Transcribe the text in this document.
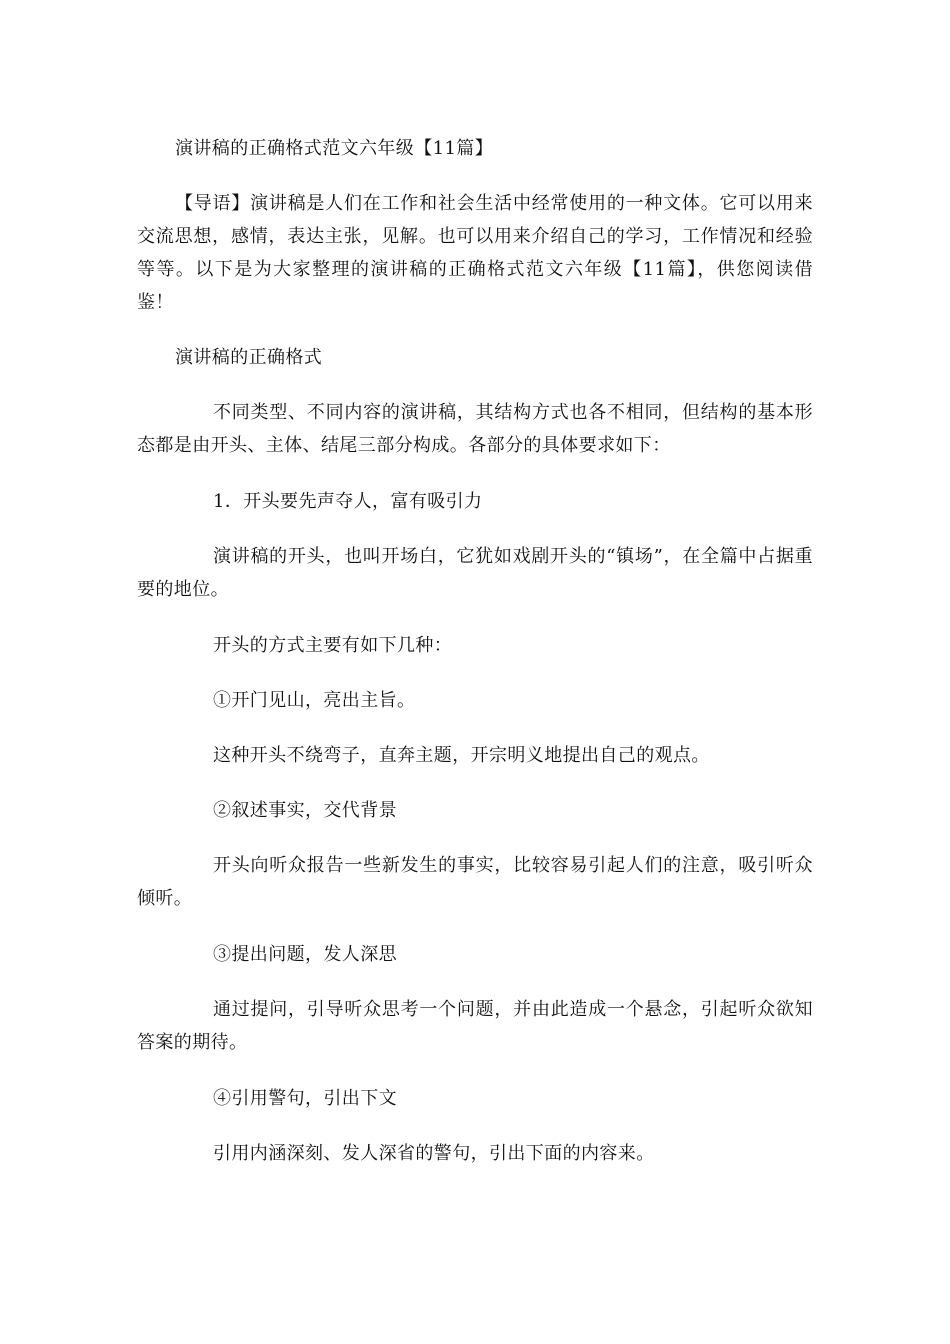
演讲稿的正确格式范文六年级【11篇】

【导语】演讲稿是人们在工作和社会生活中经常使用的一种文体。它可以用来交流思想，感情，表达主张，见解。也可以用来介绍自己的学习，工作情况和经验等等。以下是为大家整理的演讲稿的正确格式范文六年级【11篇】，供您阅读借鉴！

演讲稿的正确格式

不同类型、不同内容的演讲稿，其结构方式也各不相同，但结构的基本形态都是由开头、主体、结尾三部分构成。各部分的具体要求如下：

1．开头要先声夺人，富有吸引力

演讲稿的开头，也叫开场白，它犹如戏剧开头的“镇场”，在全篇中占据重要的地位。

开头的方式主要有如下几种：

①开门见山，亮出主旨。

这种开头不绕弯子，直奔主题，开宗明义地提出自己的观点。

②叙述事实，交代背景

开头向听众报告一些新发生的事实，比较容易引起人们的注意，吸引听众倾听。

③提出问题，发人深思

通过提问，引导听众思考一个问题，并由此造成一个悬念，引起听众欲知答案的期待。

④引用警句，引出下文

引用内涵深刻、发人深省的警句，引出下面的内容来。
